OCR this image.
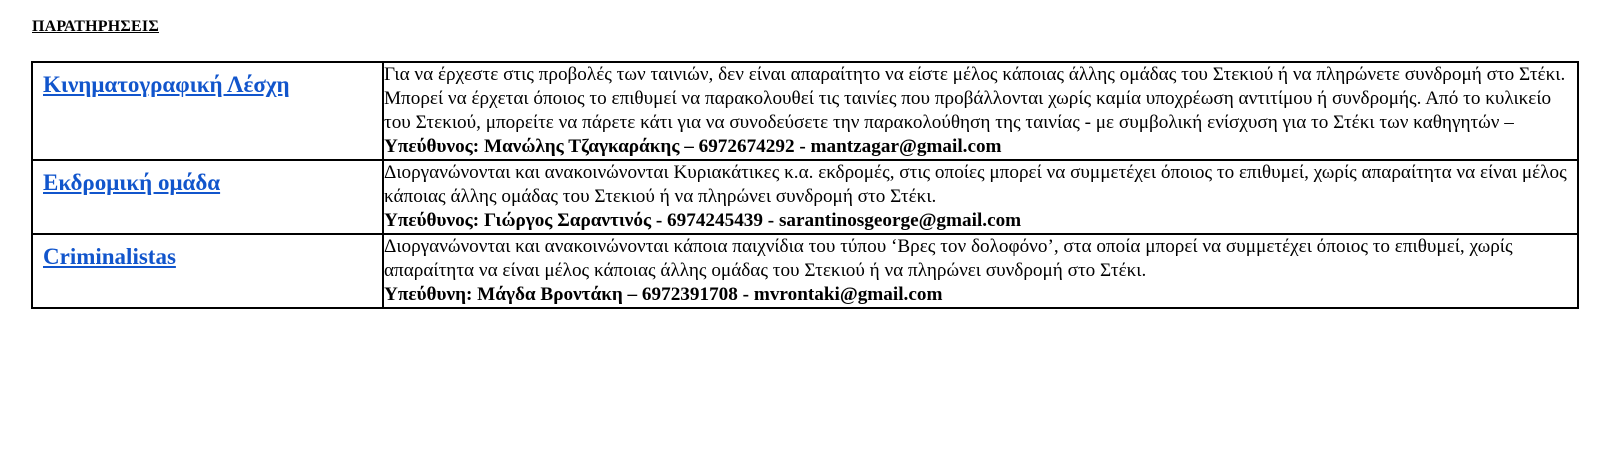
ΠΑΡΑΤΗΡΗΣΕΙΣ
Κινηματογραφική Λέσχη	Για να έρχεστε στις προβολές των ταινιών, δεν είναι απαραίτητο να είστε μέλος κάποιας άλλης ομάδας του Στεκιού ή να πληρώνετε συνδρομή στο Στέκι. Μπορεί να έρχεται όποιος το επιθυμεί να παρακολουθεί τις ταινίες που προβάλλονται χωρίς καμία υποχρέωση αντιτίμου ή συνδρομής. Από το κυλικείο του Στεκιού, μπορείτε να πάρετε κάτι για να συνοδεύσετε την παρακολούθηση της ταινίας - με συμβολική ενίσχυση για το Στέκι των καθηγητών –
Υπεύθυνος: Μανώλης Τζαγκαράκης – 6972674292 - mantzagar@gmail.com

Εκδρομική ομάδα	Διοργανώνονται και ανακοινώνονται Κυριακάτικες κ.α. εκδρομές, στις οποίες μπορεί να συμμετέχει όποιος το επιθυμεί, χωρίς απαραίτητα να είναι μέλος κάποιας άλλης ομάδας του Στεκιού ή να πληρώνει συνδρομή στο Στέκι.
Υπεύθυνος: Γιώργος Σαραντινός - 6974245439 - sarantinosgeorge@gmail.com

Criminalistas	Διοργανώνονται και ανακοινώνονται κάποια παιχνίδια του τύπου ‘Βρες τον δολοφόνο’, στα οποία μπορεί να συμμετέχει όποιος το επιθυμεί, χωρίς απαραίτητα να είναι μέλος κάποιας άλλης ομάδας του Στεκιού ή να πληρώνει συνδρομή στο Στέκι.
Υπεύθυνη: Μάγδα Βροντάκη – 6972391708 - mvrontaki@gmail.com
